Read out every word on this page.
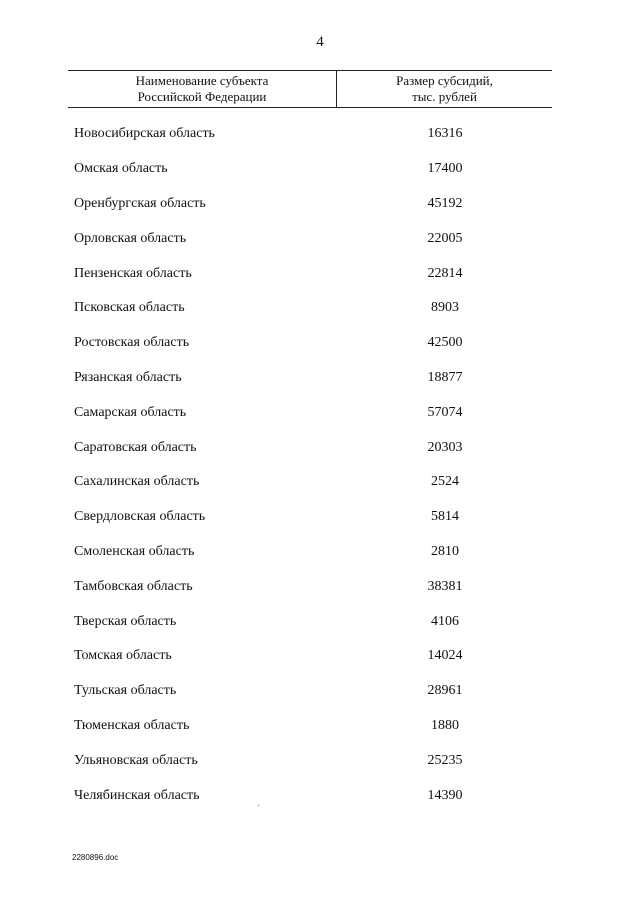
4
Наименование субъекта
Российской Федерации
Размер субсидий,
тыс. рублей
Новосибирская область	16316
Омская область	17400
Оренбургская область	45192
Орловская область	22005
Пензенская область	22814
Псковская область	8903
Ростовская область	42500
Рязанская область	18877
Самарская область	57074
Саратовская область	20303
Сахалинская область	2524
Свердловская область	5814
Смоленская область	2810
Тамбовская область	38381
Тверская область	4106
Томская область	14024
Тульская область	28961
Тюменская область	1880
Ульяновская область	25235
Челябинская область	14390
2280896.doc
